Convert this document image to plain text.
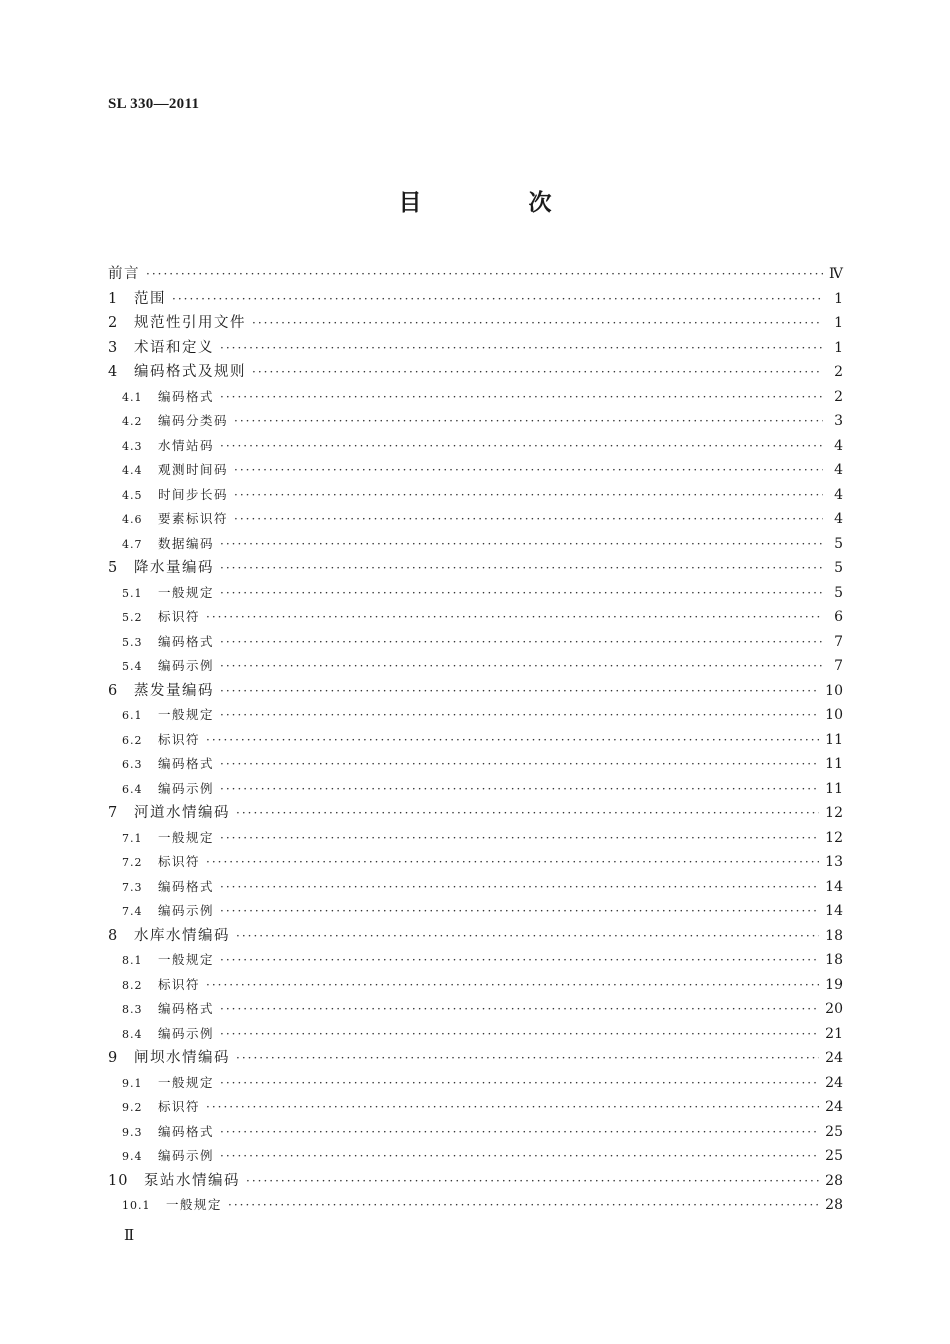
SL 330—2011
目　次
前言 ·····	Ⅳ
1	范围 ·····	1
2	规范性引用文件 ·····	1
3	术语和定义 ·····	1
4	编码格式及规则 ·····	2
4.1	编码格式 ·····	2
4.2	编码分类码 ·····	3
4.3	水情站码 ·····	4
4.4	观测时间码 ·····	4
4.5	时间步长码 ·····	4
4.6	要素标识符 ·····	4
4.7	数据编码 ·····	5
5	降水量编码 ·····	5
5.1	一般规定 ·····	5
5.2	标识符 ·····	6
5.3	编码格式 ·····	7
5.4	编码示例 ·····	7
6	蒸发量编码 ·····	10
6.1	一般规定 ·····	10
6.2	标识符 ·····	11
6.3	编码格式 ·····	11
6.4	编码示例 ·····	11
7	河道水情编码 ·····	12
7.1	一般规定 ·····	12
7.2	标识符 ·····	13
7.3	编码格式 ·····	14
7.4	编码示例 ·····	14
8	水库水情编码 ·····	18
8.1	一般规定 ·····	18
8.2	标识符 ·····	19
8.3	编码格式 ·····	20
8.4	编码示例 ·····	21
9	闸坝水情编码 ·····	24
9.1	一般规定 ·····	24
9.2	标识符 ·····	24
9.3	编码格式 ·····	25
9.4	编码示例 ·····	25
10	泵站水情编码 ·····	28
10.1	一般规定 ·····	28
Ⅱ
